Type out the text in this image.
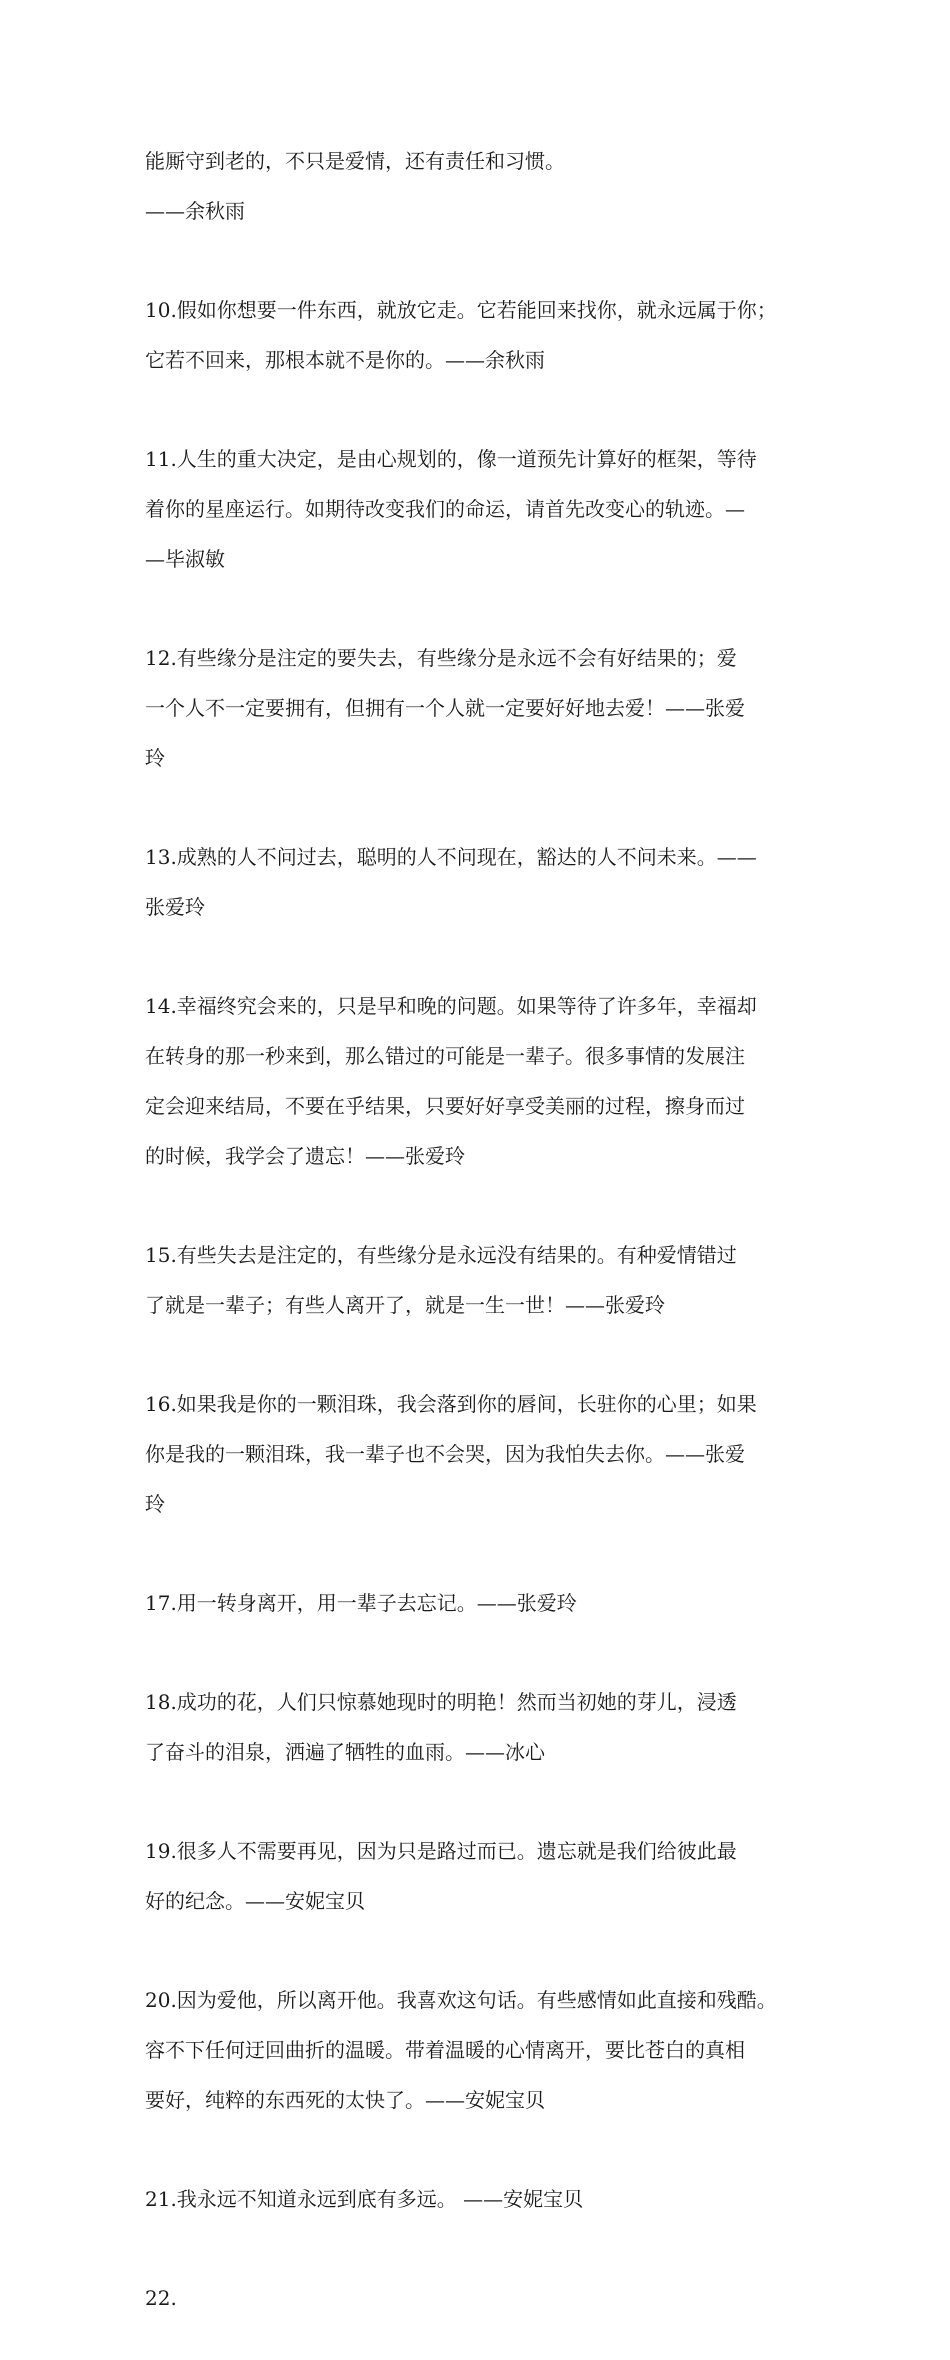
能厮守到老的，不只是爱情，还有责任和习惯。

——余秋雨

10.假如你想要一件东西，就放它走。它若能回来找你，就永远属于你；

它若不回来，那根本就不是你的。——余秋雨

11.人生的重大决定，是由心规划的，像一道预先计算好的框架，等待

着你的星座运行。如期待改变我们的命运，请首先改变心的轨迹。—

—毕淑敏

12.有些缘分是注定的要失去，有些缘分是永远不会有好结果的；爱

一个人不一定要拥有，但拥有一个人就一定要好好地去爱！——张爱

玲

13.成熟的人不问过去，聪明的人不问现在，豁达的人不问未来。——

张爱玲

14.幸福终究会来的，只是早和晚的问题。如果等待了许多年，幸福却

在转身的那一秒来到，那么错过的可能是一辈子。很多事情的发展注

定会迎来结局，不要在乎结果，只要好好享受美丽的过程，擦身而过

的时候，我学会了遗忘！——张爱玲

15.有些失去是注定的，有些缘分是永远没有结果的。有种爱情错过

了就是一辈子；有些人离开了，就是一生一世！——张爱玲

16.如果我是你的一颗泪珠，我会落到你的唇间，长驻你的心里；如果

你是我的一颗泪珠，我一辈子也不会哭，因为我怕失去你。——张爱

玲

17.用一转身离开，用一辈子去忘记。——张爱玲

18.成功的花，人们只惊慕她现时的明艳！然而当初她的芽儿，浸透

了奋斗的泪泉，洒遍了牺牲的血雨。——冰心

19.很多人不需要再见，因为只是路过而已。遗忘就是我们给彼此最

好的纪念。——安妮宝贝

20.因为爱他，所以离开他。我喜欢这句话。有些感情如此直接和残酷。

容不下任何迂回曲折的温暖。带着温暖的心情离开，要比苍白的真相

要好，纯粹的东西死的太快了。——安妮宝贝

21.我永远不知道永远到底有多远。 ——安妮宝贝

22.
